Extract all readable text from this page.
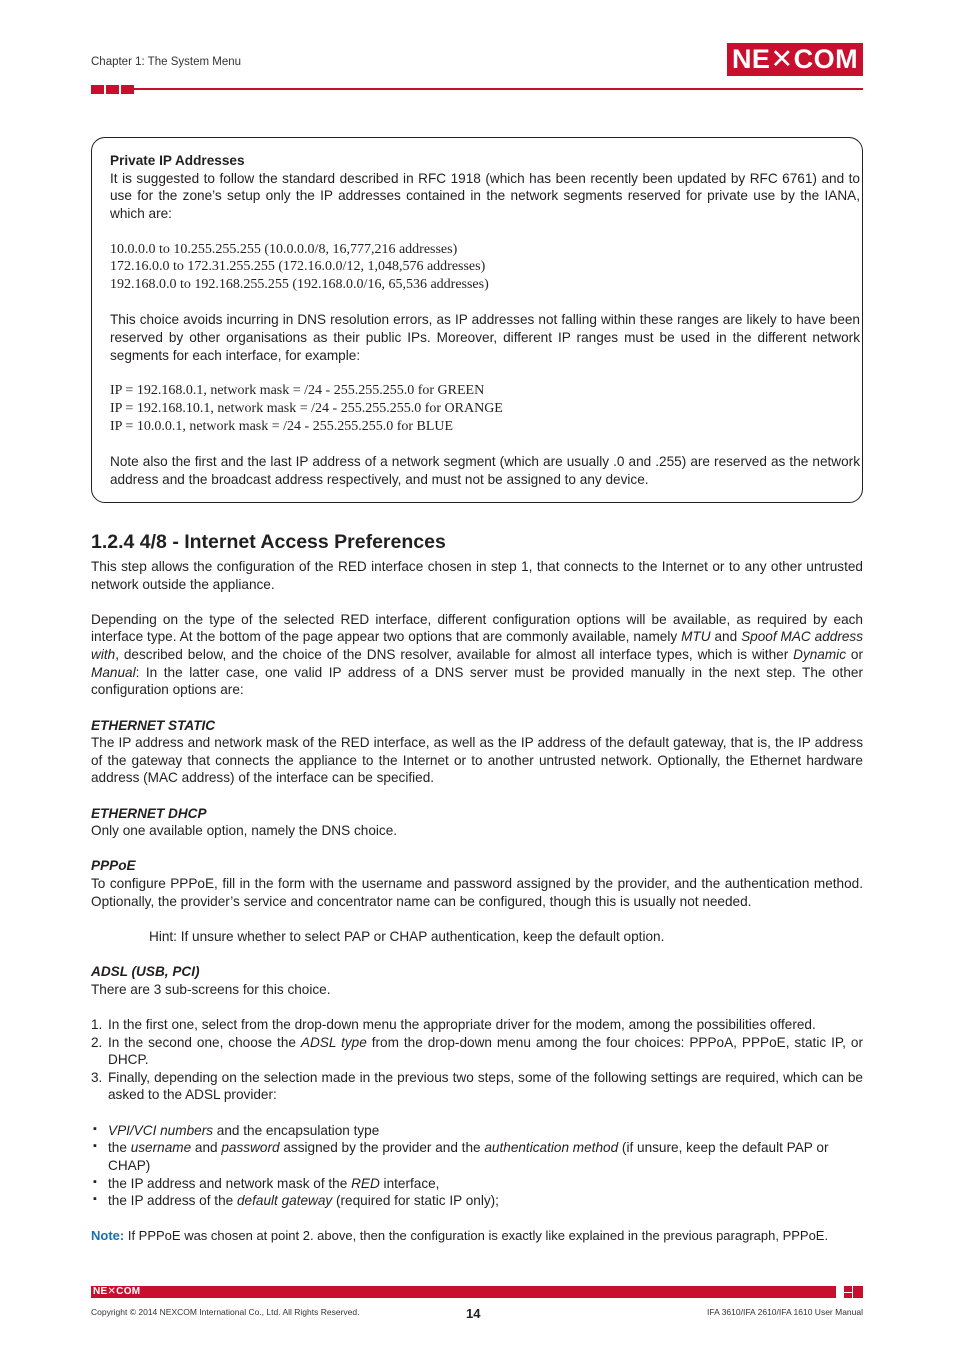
Chapter 1: The System Menu	NE✕COM

Private IP Addresses

It is suggested to follow the standard described in RFC 1918 (which has been recently been updated by RFC 6761) and to use for the zone’s setup only the IP addresses contained in the network segments reserved for private use by the IANA, which are:

10.0.0.0 to 10.255.255.255 (10.0.0.0/8, 16,777,216 addresses)

172.16.0.0 to 172.31.255.255 (172.16.0.0/12, 1,048,576 addresses)

192.168.0.0 to 192.168.255.255 (192.168.0.0/16, 65,536 addresses)

This choice avoids incurring in DNS resolution errors, as IP addresses not falling within these ranges are likely to have been reserved by other organisations as their public IPs. Moreover, different IP ranges must be used in the different network segments for each interface, for example:

IP = 192.168.0.1, network mask = /24 - 255.255.255.0 for GREEN

IP = 192.168.10.1, network mask = /24 - 255.255.255.0 for ORANGE

IP = 10.0.0.1, network mask = /24 - 255.255.255.0 for BLUE

Note also the first and the last IP address of a network segment (which are usually .0 and .255) are reserved as the network address and the broadcast address respectively, and must not be assigned to any device.

1.2.4 4/8 - Internet Access Preferences

This step allows the configuration of the RED interface chosen in step 1, that connects to the Internet or to any other untrusted network outside the appliance.

Depending on the type of the selected RED interface, different configuration options will be available, as required by each interface type. At the bottom of the page appear two options that are commonly available, namely MTU and Spoof MAC address with, described below, and the choice of the DNS resolver, available for almost all interface types, which is wither Dynamic or Manual: In the latter case, one valid IP address of a DNS server must be provided manually in the next step. The other configuration options are:

ETHERNET STATIC

The IP address and network mask of the RED interface, as well as the IP address of the default gateway, that is, the IP address of the gateway that connects the appliance to the Internet or to another untrusted network. Optionally, the Ethernet hardware address (MAC address) of the interface can be specified.

ETHERNET DHCP

Only one available option, namely the DNS choice.

PPPoE

To configure PPPoE, fill in the form with the username and password assigned by the provider, and the authentication method. Optionally, the provider’s service and concentrator name can be configured, though this is usually not needed.

Hint: If unsure whether to select PAP or CHAP authentication, keep the default option.

ADSL (USB, PCI)

There are 3 sub-screens for this choice.

1. In the first one, select from the drop-down menu the appropriate driver for the modem, among the possibilities offered.
2. In the second one, choose the ADSL type from the drop-down menu among the four choices: PPPoA, PPPoE, static IP, or DHCP.
3. Finally, depending on the selection made in the previous two steps, some of the following settings are required, which can be asked to the ADSL provider:
▪ VPI/VCI numbers and the encapsulation type
▪ the username and password assigned by the provider and the authentication method (if unsure, keep the default PAP or CHAP)
▪ the IP address and network mask of the RED interface,
▪ the IP address of the default gateway (required for static IP only);

Note: If PPPoE was chosen at point 2. above, then the configuration is exactly like explained in the previous paragraph, PPPoE.

NE✕COM
Copyright © 2014 NEXCOM International Co., Ltd. All Rights Reserved.	14	IFA 3610/IFA 2610/IFA 1610 User Manual
